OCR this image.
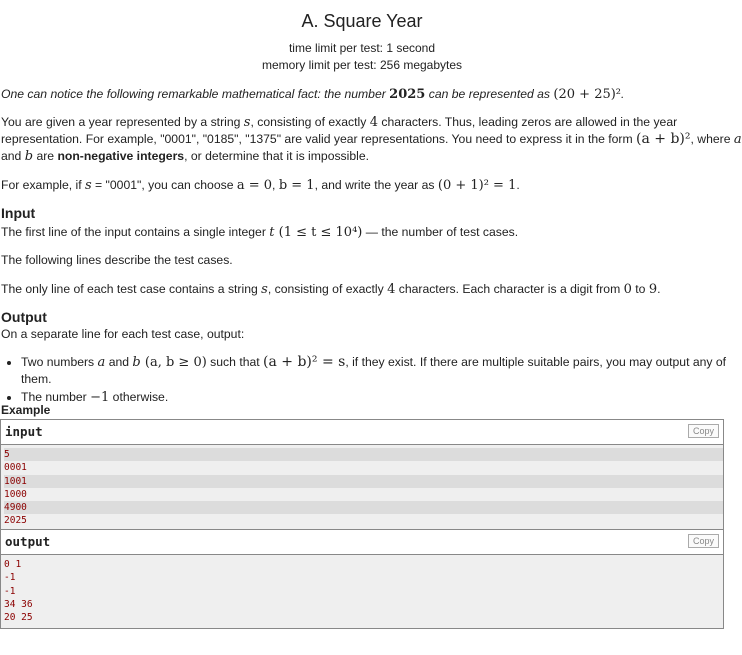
A. Square Year
time limit per test: 1 second
memory limit per test: 256 megabytes
One can notice the following remarkable mathematical fact: the number 2025 can be represented as (20 + 25)².
You are given a year represented by a string s, consisting of exactly 4 characters. Thus, leading zeros are allowed in the year
representation. For example, "0001", "0185", "1375" are valid year representations. You need to express it in the form (a + b)², where a
and b are non-negative integers, or determine that it is impossible.
For example, if s = "0001", you can choose a = 0, b = 1, and write the year as (0 + 1)² = 1.
Input
The first line of the input contains a single integer t (1 ≤ t ≤ 10⁴) — the number of test cases.
The following lines describe the test cases.
The only line of each test case contains a string s, consisting of exactly 4 characters. Each character is a digit from 0 to 9.
Output
On a separate line for each test case, output:
• Two numbers a and b (a, b ≥ 0) such that (a + b)² = s, if they exist. If there are multiple suitable pairs, you may output any of them.
• The number −1 otherwise.
Example
input	Copy
5
0001
1001
1000
4900
2025
output	Copy
0 1
-1
-1
34 36
20 25
